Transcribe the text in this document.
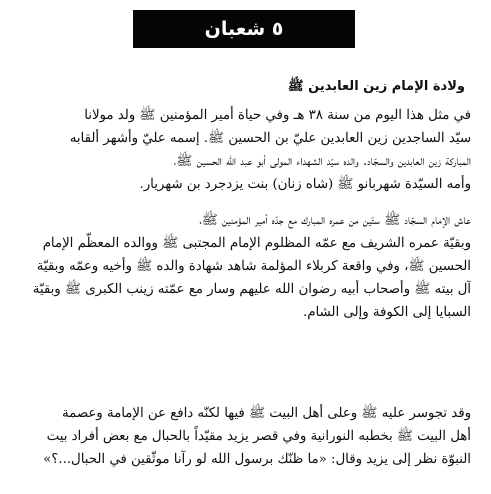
٥ شعبان
ولادة الإمام زين العابدين ﷺ
في مثل هذا اليوم من سنة ٣٨ هـ وفي حياة أمير المؤمنين ﷺ ولد مولانا
سيّد الساجدين زين العابدين عليّ بن الحسين ﷺ. إسمه عليّ وأشهر ألقابه
المباركة زين العابدين والسجّاد. والده سيّد الشهداء المولى أبو عبد الله الحسين ﷺ،
وأمه السيّدة شهربانو ﷺ (شاه زنان) بنت يزدجرد بن شهريار.
عاش الإمام السجّاد ﷺ ستّين من عمره المبارك مع جدّه أمير المؤمنين ﷺ،
وبقيّة عمره الشريف مع عمّه المظلوم الإمام المجتبى ﷺ ووالده المعظّم الإمام
الحسين ﷺ، وفي واقعة كربلاء المؤلمة شاهد شهادة والده ﷺ وأخيه وعمّه وبقيّة
آل بيته ﷺ وأصحاب أبيه رضوان الله عليهم وسار مع عمّته زينب الكبرى ﷺ وبقيّة
السبايا إلى الكوفة وإلى الشام.
وقد تجوسر عليه ﷺ وعلى أهل البيت ﷺ فيها لكنّه دافع عن الإمامة وعصمة
أهل البيت ﷺ بخطبه النورانية وفي قصر يزيد مقيّداً بالحبال مع بعض أفراد بيت
النبوّة نظر إلى يزيد وقال: «ما ظنّك برسول الله لو رآنا موثّقين في الحبال...؟»
